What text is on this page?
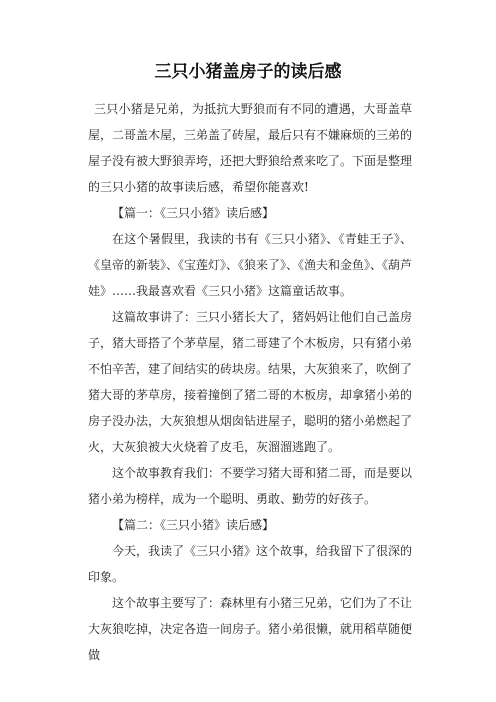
三只小猪盖房子的读后感

三只小猪是兄弟，为抵抗大野狼而有不同的遭遇，大哥盖草屋，二哥盖木屋，三弟盖了砖屋，最后只有不嫌麻烦的三弟的屋子没有被大野狼弄垮，还把大野狼给煮来吃了。下面是整理的三只小猪的故事读后感，希望你能喜欢!

【篇一：《三只小猪》读后感】

在这个暑假里，我读的书有《三只小猪》、《青蛙王子》、《皇帝的新装》、《宝莲灯》、《狼来了》、《渔夫和金鱼》、《葫芦娃》……我最喜欢看《三只小猪》这篇童话故事。

这篇故事讲了：三只小猪长大了，猪妈妈让他们自己盖房子，猪大哥搭了个茅草屋，猪二哥建了个木板房，只有猪小弟不怕辛苦，建了间结实的砖块房。结果，大灰狼来了，吹倒了猪大哥的茅草房，接着撞倒了猪二哥的木板房，却拿猪小弟的房子没办法，大灰狼想从烟囱钻进屋子，聪明的猪小弟燃起了火，大灰狼被大火烧着了皮毛，灰溜溜逃跑了。

这个故事教育我们：不要学习猪大哥和猪二哥，而是要以猪小弟为榜样，成为一个聪明、勇敢、勤劳的好孩子。

【篇二：《三只小猪》读后感】

今天，我读了《三只小猪》这个故事，给我留下了很深的印象。

这个故事主要写了：森林里有小猪三兄弟，它们为了不让大灰狼吃掉，决定各造一间房子。猪小弟很懒，就用稻草随便做
